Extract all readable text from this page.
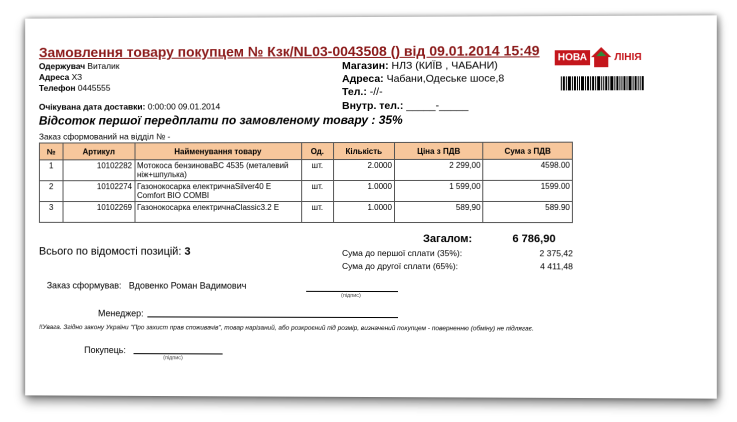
Замовлення товару покупцем № Кзк/NL03-0043508 () від 09.01.2014 15:49
Одержувач Виталик
Адреса ХЗ
Телефон 0445555
Магазин: НЛЗ (КИЇВ , ЧАБАНИ)
Адреса: Чабани,Одеське шосе,8
Тел.: -//-
Внутр. тел.: _____-_____
НОВА	ЛІНІЯ
Очікувана дата доставки: 0:00:00 09.01.2014
Відсоток першої передплати по замовленому товару : 35%
Заказ сформований на відділ № -
№	Артикул	Найменування товару	Од.	Кількість	Ціна з ПДВ	Сума з ПДВ
1	10102282	Мотокоса бензиноваBC 4535 (металевий ніж+шпулька)	шт.	2.0000	2 299,00	4598.00
2	10102274	Газонокосарка електричнаSilver40 E Comfort BIO COMBI	шт.	1.0000	1 599,00	1599.00
3	10102269	Газонокосарка електричнаClassic3.2 E	шт.	1.0000	589,90	589.90
Загалом:	6 786,90
Сума до першої сплати (35%):	2 375,42
Сума до другої сплати (65%):	4 411,48
Всього по відомості позицій: 3
Заказ сформував: Вдовенко Роман Вадимович
(підпис)
Менеджер:
!!Увага. Згідно закону України "Про захист прав споживачів", товар нарізаний, або розкроєний під розмір, визначений покупцем - поверненню (обміну) не підлягає.
Покупець:
(підпис)
